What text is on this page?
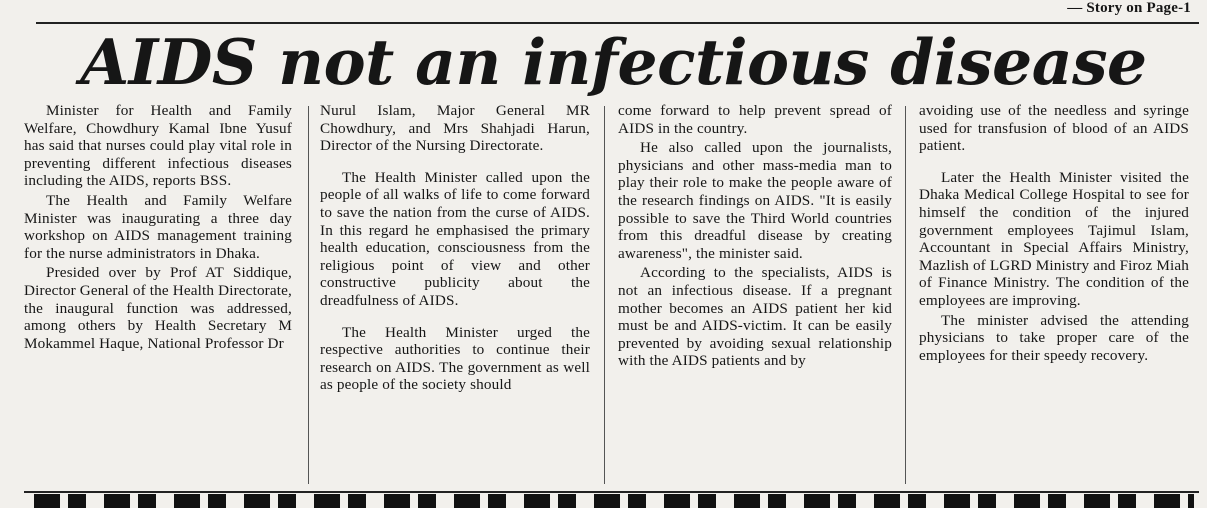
— Story on Page-1
AIDS not an infectious disease

Minister for Health and Family Welfare, Chowdhury Kamal Ibne Yusuf has said that nurses could play vital role in preventing different infectious diseases including the AIDS, reports BSS.

The Health and Family Welfare Minister was inaugurating a three day workshop on AIDS management training for the nurse administrators in Dhaka.

Presided over by Prof AT Siddique, Director General of the Health Directorate, the inaugural function was addressed, among others by Health Secretary M Mokammel Haque, National Professor Dr

Nurul Islam, Major General MR Chowdhury, and Mrs Shahjadi Harun, Director of the Nursing Directorate.

The Health Minister called upon the people of all walks of life to come forward to save the nation from the curse of AIDS. In this regard he emphasised the primary health education, consciousness from the religious point of view and other constructive publicity about the dreadfulness of AIDS.

The Health Minister urged the respective authorities to continue their research on AIDS. The government as well as people of the society should

come forward to help prevent spread of AIDS in the country.

He also called upon the journalists, physicians and other mass-media man to play their role to make the people aware of the research findings on AIDS. "It is easily possible to save the Third World countries from this dreadful disease by creating awareness", the minister said.

According to the specialists, AIDS is not an infectious disease. If a pregnant mother becomes an AIDS patient her kid must be and AIDS-victim. It can be easily prevented by avoiding sexual relationship with the AIDS patients and by

avoiding use of the needless and syringe used for transfusion of blood of an AIDS patient.

Later the Health Minister visited the Dhaka Medical College Hospital to see for himself the condition of the injured government employees Tajimul Islam, Accountant in Special Affairs Ministry, Mazlish of LGRD Ministry and Firoz Miah of Finance Ministry. The condition of the employees are improving.

The minister advised the attending physicians to take proper care of the employees for their speedy recovery.
